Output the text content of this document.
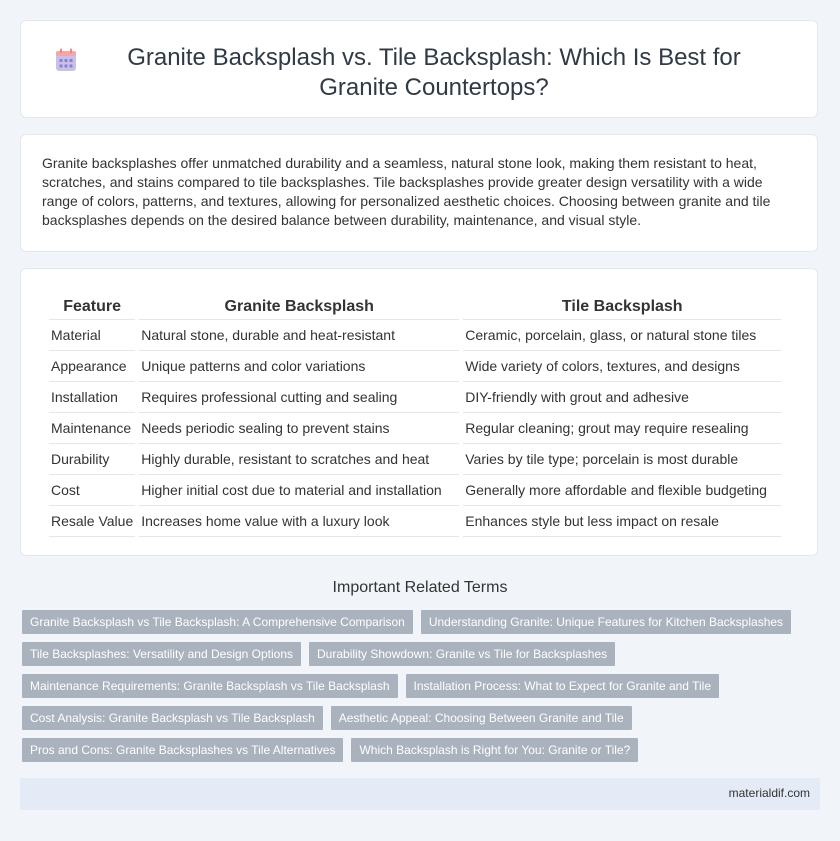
Granite Backsplash vs. Tile Backsplash: Which Is Best for Granite Countertops?
Granite backsplashes offer unmatched durability and a seamless, natural stone look, making them resistant to heat, scratches, and stains compared to tile backsplashes. Tile backsplashes provide greater design versatility with a wide range of colors, patterns, and textures, allowing for personalized aesthetic choices. Choosing between granite and tile backsplashes depends on the desired balance between durability, maintenance, and visual style.
Feature	Granite Backsplash	Tile Backsplash
Material	Natural stone, durable and heat-resistant	Ceramic, porcelain, glass, or natural stone tiles
Appearance	Unique patterns and color variations	Wide variety of colors, textures, and designs
Installation	Requires professional cutting and sealing	DIY-friendly with grout and adhesive
Maintenance	Needs periodic sealing to prevent stains	Regular cleaning; grout may require resealing
Durability	Highly durable, resistant to scratches and heat	Varies by tile type; porcelain is most durable
Cost	Higher initial cost due to material and installation	Generally more affordable and flexible budgeting
Resale Value	Increases home value with a luxury look	Enhances style but less impact on resale
Important Related Terms
Granite Backsplash vs Tile Backsplash: A Comprehensive Comparison	Understanding Granite: Unique Features for Kitchen Backsplashes
Tile Backsplashes: Versatility and Design Options	Durability Showdown: Granite vs Tile for Backsplashes
Maintenance Requirements: Granite Backsplash vs Tile Backsplash	Installation Process: What to Expect for Granite and Tile
Cost Analysis: Granite Backsplash vs Tile Backsplash	Aesthetic Appeal: Choosing Between Granite and Tile
Pros and Cons: Granite Backsplashes vs Tile Alternatives	Which Backsplash is Right for You: Granite or Tile?
materialdif.com
